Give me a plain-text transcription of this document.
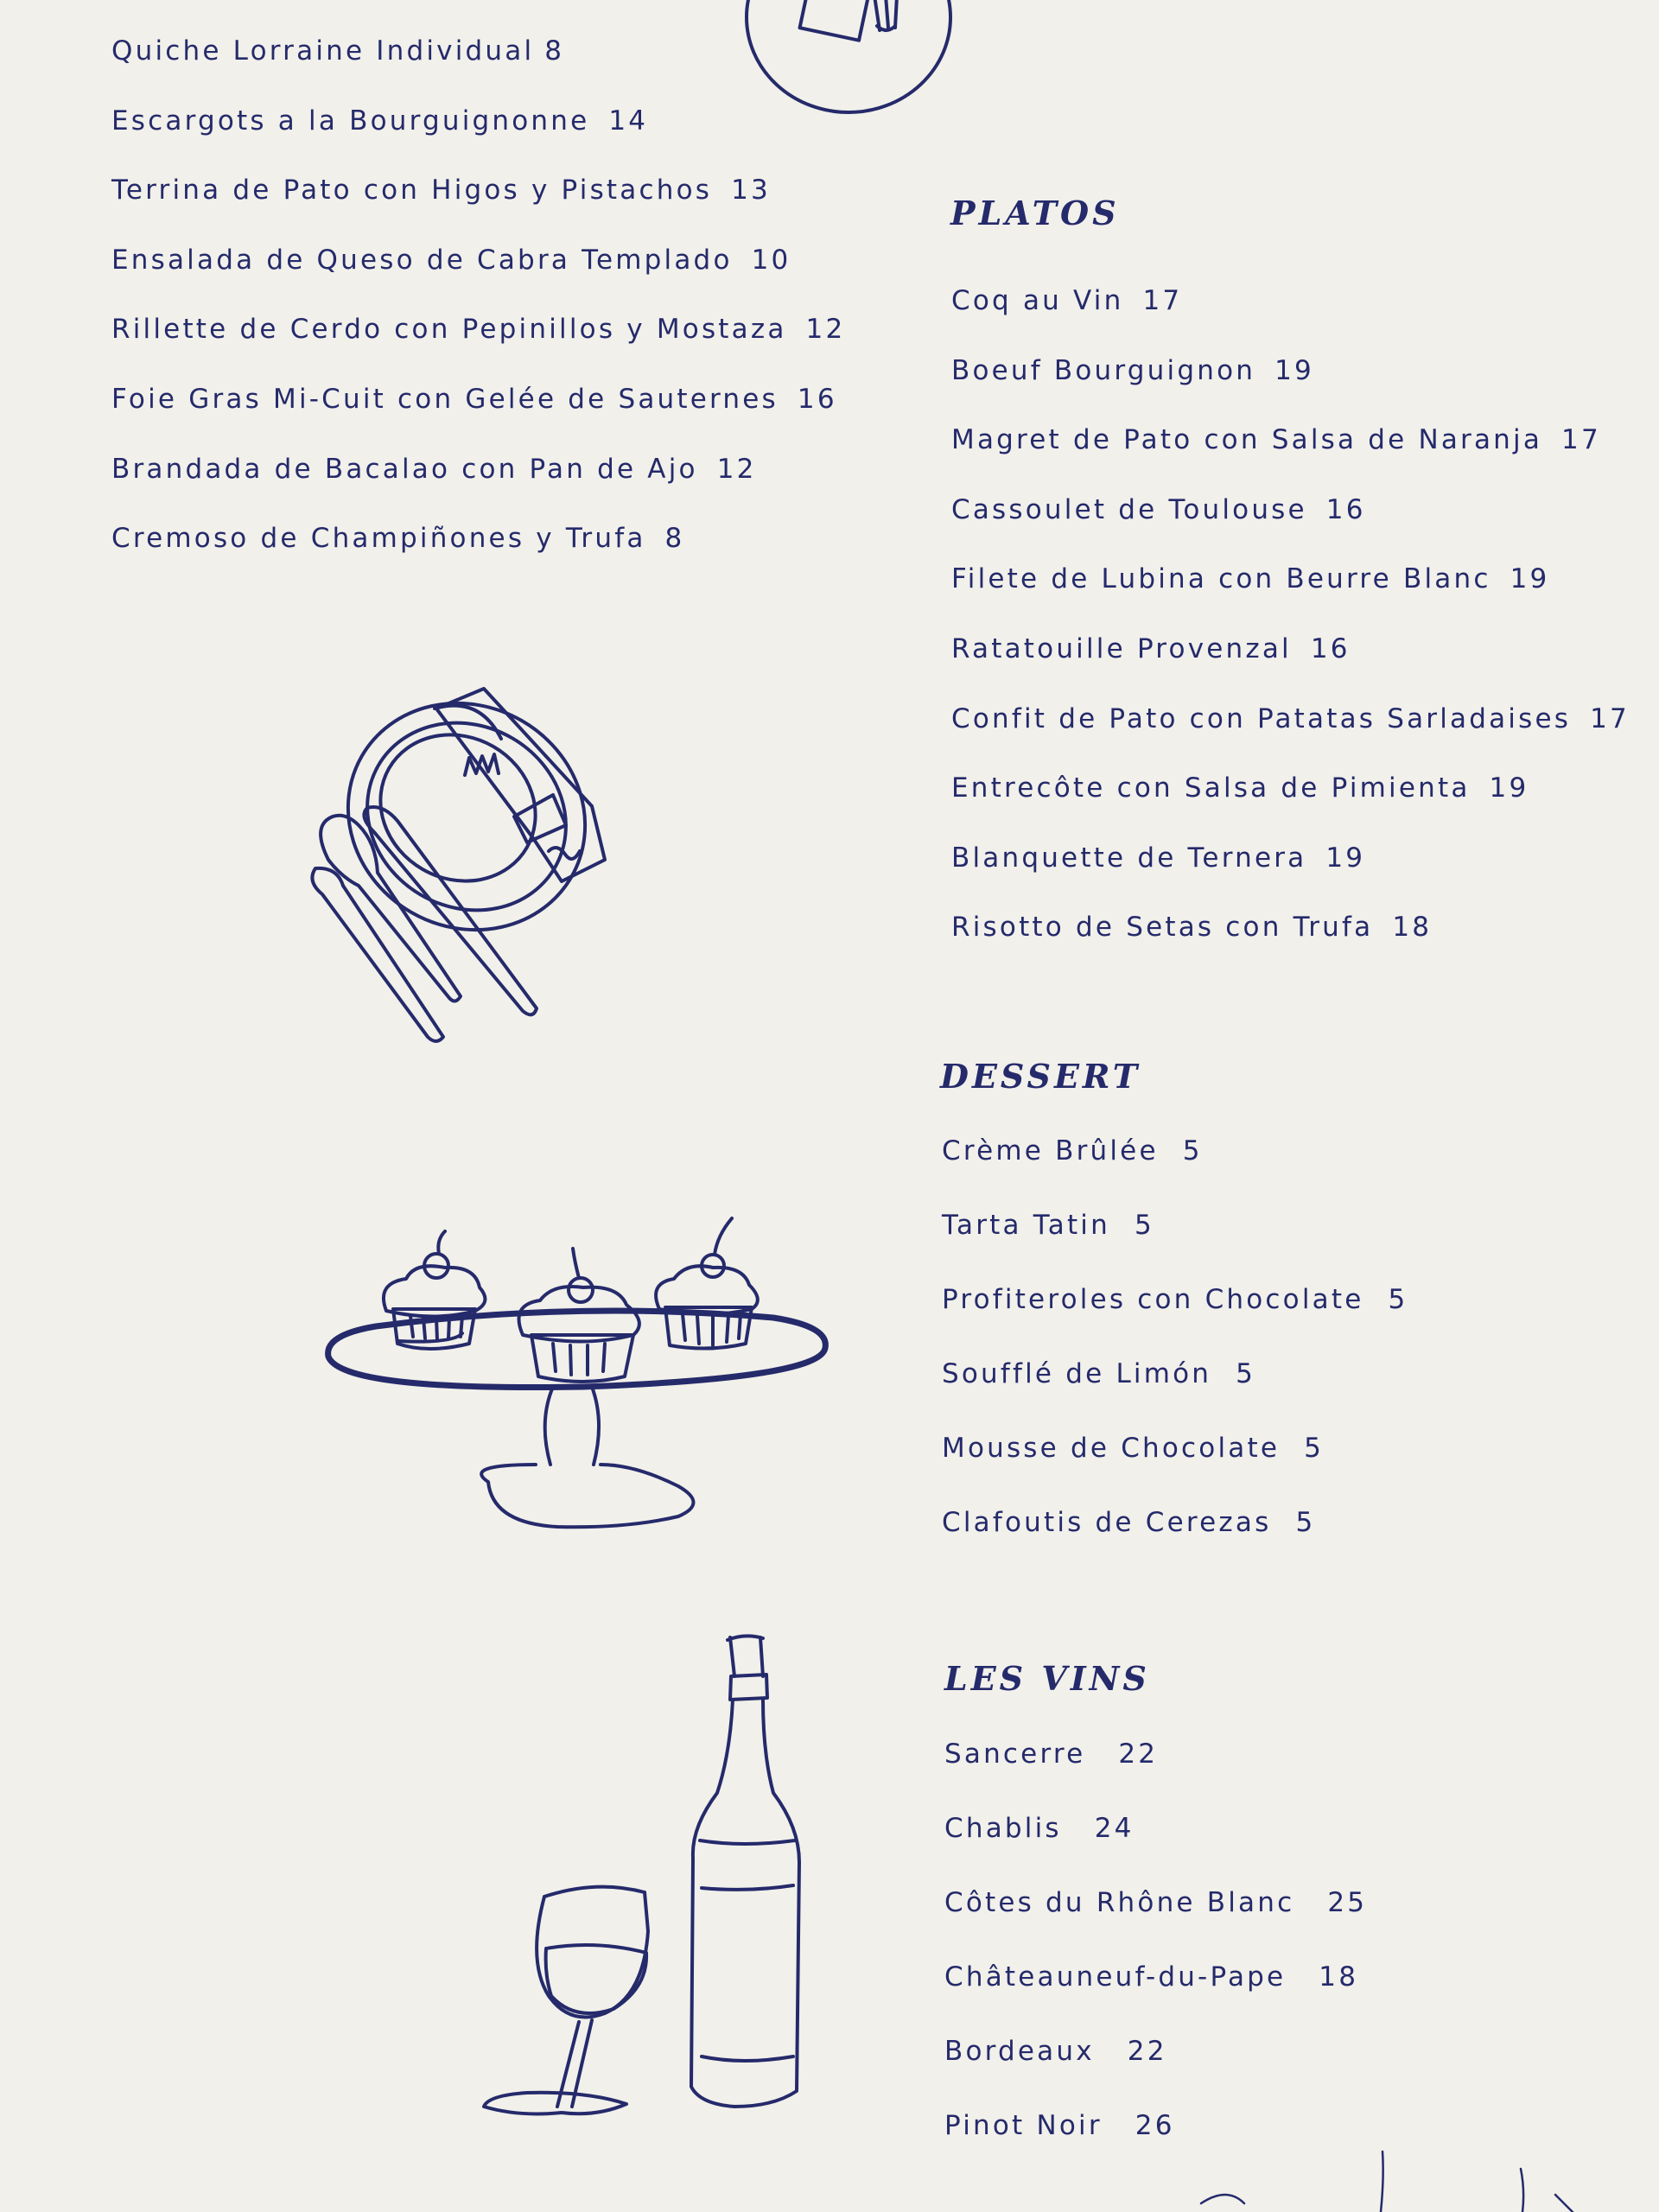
Quiche Lorraine Individual 8
Escargots a la Bourguignonne 14
Terrina de Pato con Higos y Pistachos 13
Ensalada de Queso de Cabra Templado 10
Rillette de Cerdo con Pepinillos y Mostaza 12
Foie Gras Mi-Cuit con Gelée de Sauternes 16
Brandada de Bacalao con Pan de Ajo 12
Cremoso de Champiñones y Trufa 8
PLATOS
Coq au Vin 17
Boeuf Bourguignon 19
Magret de Pato con Salsa de Naranja 17
Cassoulet de Toulouse 16
Filete de Lubina con Beurre Blanc 19
Ratatouille Provenzal 16
Confit de Pato con Patatas Sarladaises 17
Entrecôte con Salsa de Pimienta 19
Blanquette de Ternera 19
Risotto de Setas con Trufa 18
DESSERT
Crème Brûlée 5
Tarta Tatin 5
Profiteroles con Chocolate 5
Soufflé de Limón 5
Mousse de Chocolate 5
Clafoutis de Cerezas 5
LES VINS
Sancerre 22
Chablis 24
Côtes du Rhône Blanc 25
Châteauneuf-du-Pape 18
Bordeaux 22
Pinot Noir 26
